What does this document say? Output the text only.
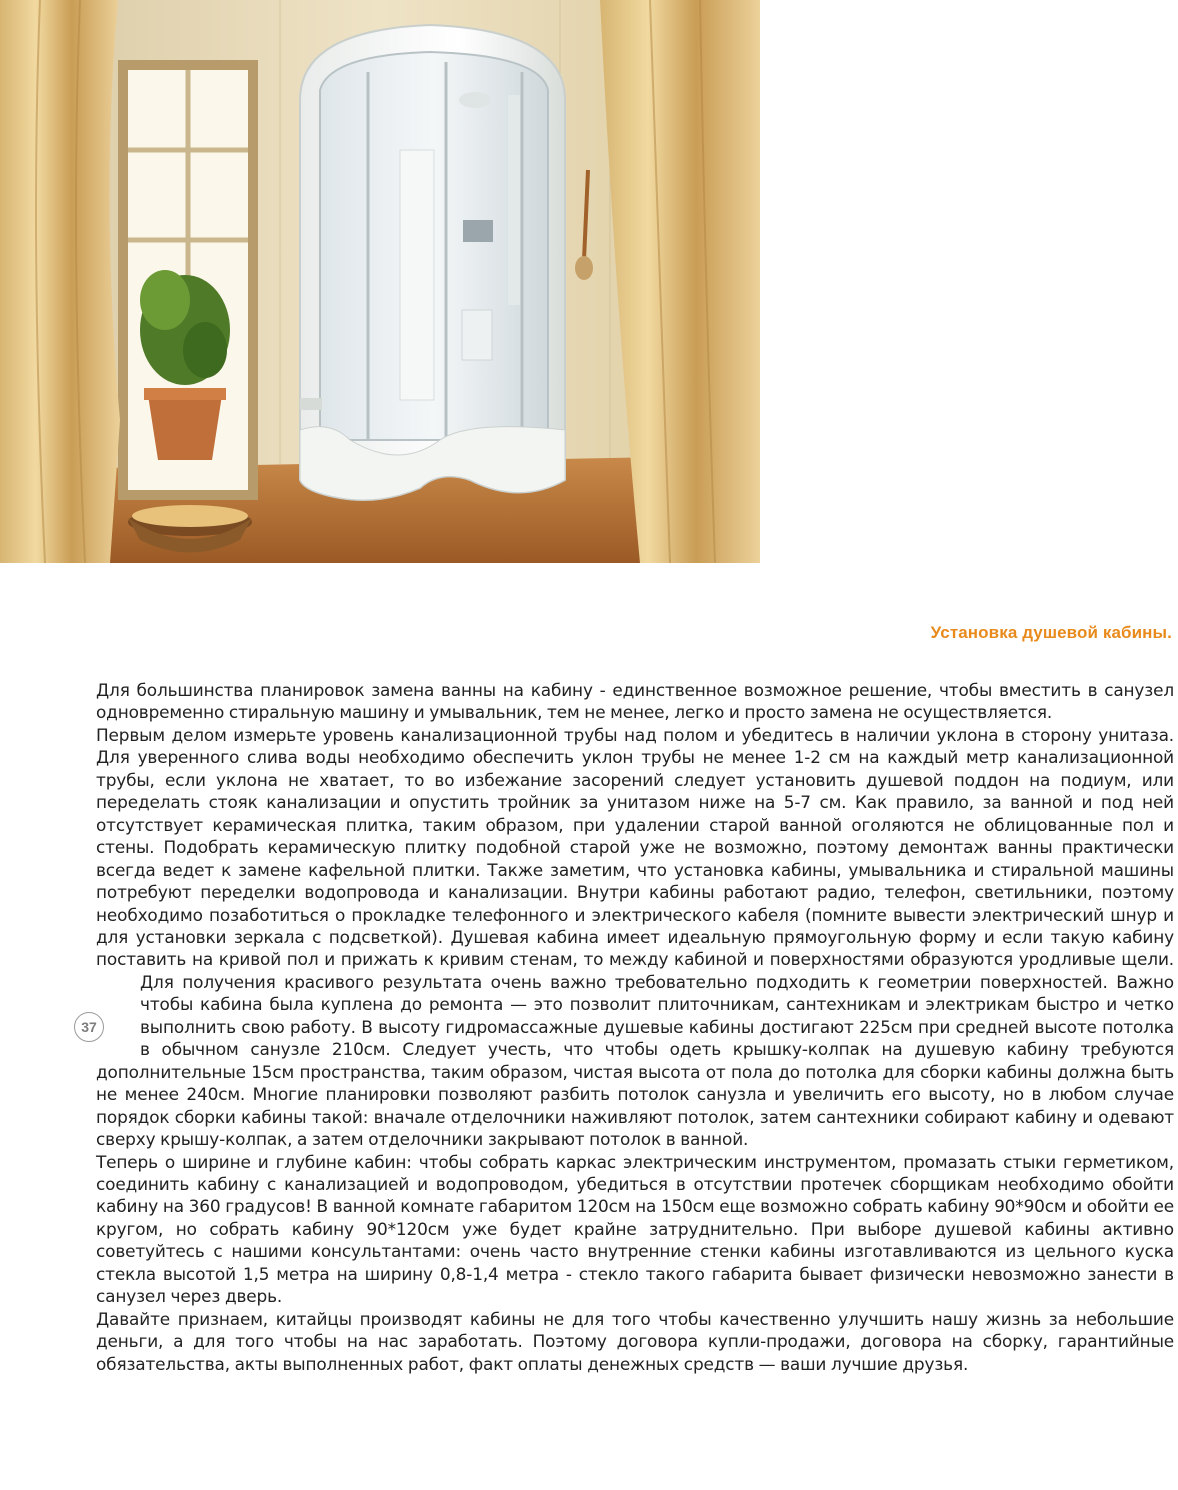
Установка душевой кабины.
37

Для большинства планировок замена ванны на кабину - единственное возможное решение, чтобы вместить в санузел одновременно стиральную машину и умывальник, тем не менее, легко и просто замена не осуществляется.

Первым делом измерьте уровень канализационной трубы над полом и убедитесь в наличии уклона в сторону унитаза. Для уверенного слива воды необходимо обеспечить уклон трубы не менее 1-2 см на каждый метр канализационной трубы, если уклона не хватает, то во избежание засорений следует установить душевой поддон на подиум, или переделать стояк канализации и опустить тройник за унитазом ниже на 5-7 см. Как правило, за ванной и под ней отсутствует керамическая плитка, таким образом, при удалении старой ванной оголяются не облицованные пол и стены. Подобрать керамическую плитку подобной старой уже не возможно, поэтому демонтаж ванны практически всегда ведет к замене кафельной плитки. Также заметим, что установка кабины, умывальника и стиральной машины потребуют переделки водопровода и канализации. Внутри кабины работают радио, телефон, светильники, поэтому необходимо позаботиться о прокладке телефонного и электрического кабеля (помните вывести электрический шнур и для установки зеркала с подсветкой). Душевая кабина имеет идеальную прямоугольную форму и если такую кабину поставить на кривой пол и прижать к кривим стенам, то между кабиной и поверхностями образуются уродливые щели. Для получения красивого результата очень важно требовательно подходить к геометрии поверхностей. Важно чтобы кабина была куплена до ремонта — это позволит плиточникам, сантехникам и электрикам быстро и четко выполнить свою работу. В высоту гидромассажные душевые кабины достигают 225см при средней высоте потолка в обычном санузле 210см. Следует учесть, что чтобы одеть крышку-колпак на душевую кабину требуются дополнительные 15см пространства, таким образом, чистая высота от пола до потолка для сборки кабины должна быть не менее 240см. Многие планировки позволяют разбить потолок санузла и увеличить его высоту, но в любом случае порядок сборки кабины такой: вначале отделочники наживляют потолок, затем сантехники собирают кабину и одевают сверху крышу-колпак, а затем отделочники закрывают потолок в ванной.

Теперь о ширине и глубине кабин: чтобы собрать каркас электрическим инструментом, промазать стыки герметиком, соединить кабину с канализацией и водопроводом, убедиться в отсутствии протечек сборщикам необходимо обойти кабину на 360 градусов! В ванной комнате габаритом 120см на 150см еще возможно собрать кабину 90*90см и обойти ее кругом, но собрать кабину 90*120см уже будет крайне затруднительно. При выборе душевой кабины активно советуйтесь с нашими консультантами: очень часто внутренние стенки кабины изготавливаются из цельного куска стекла высотой 1,5 метра на ширину 0,8-1,4 метра - стекло такого габарита бывает физически невозможно занести в санузел через дверь.

Давайте признаем, китайцы производят кабины не для того чтобы качественно улучшить нашу жизнь за небольшие деньги, а для того чтобы на нас заработать. Поэтому договора купли-продажи, договора на сборку, гарантийные обязательства, акты выполненных работ, факт оплаты денежных средств — ваши лучшие друзья.
